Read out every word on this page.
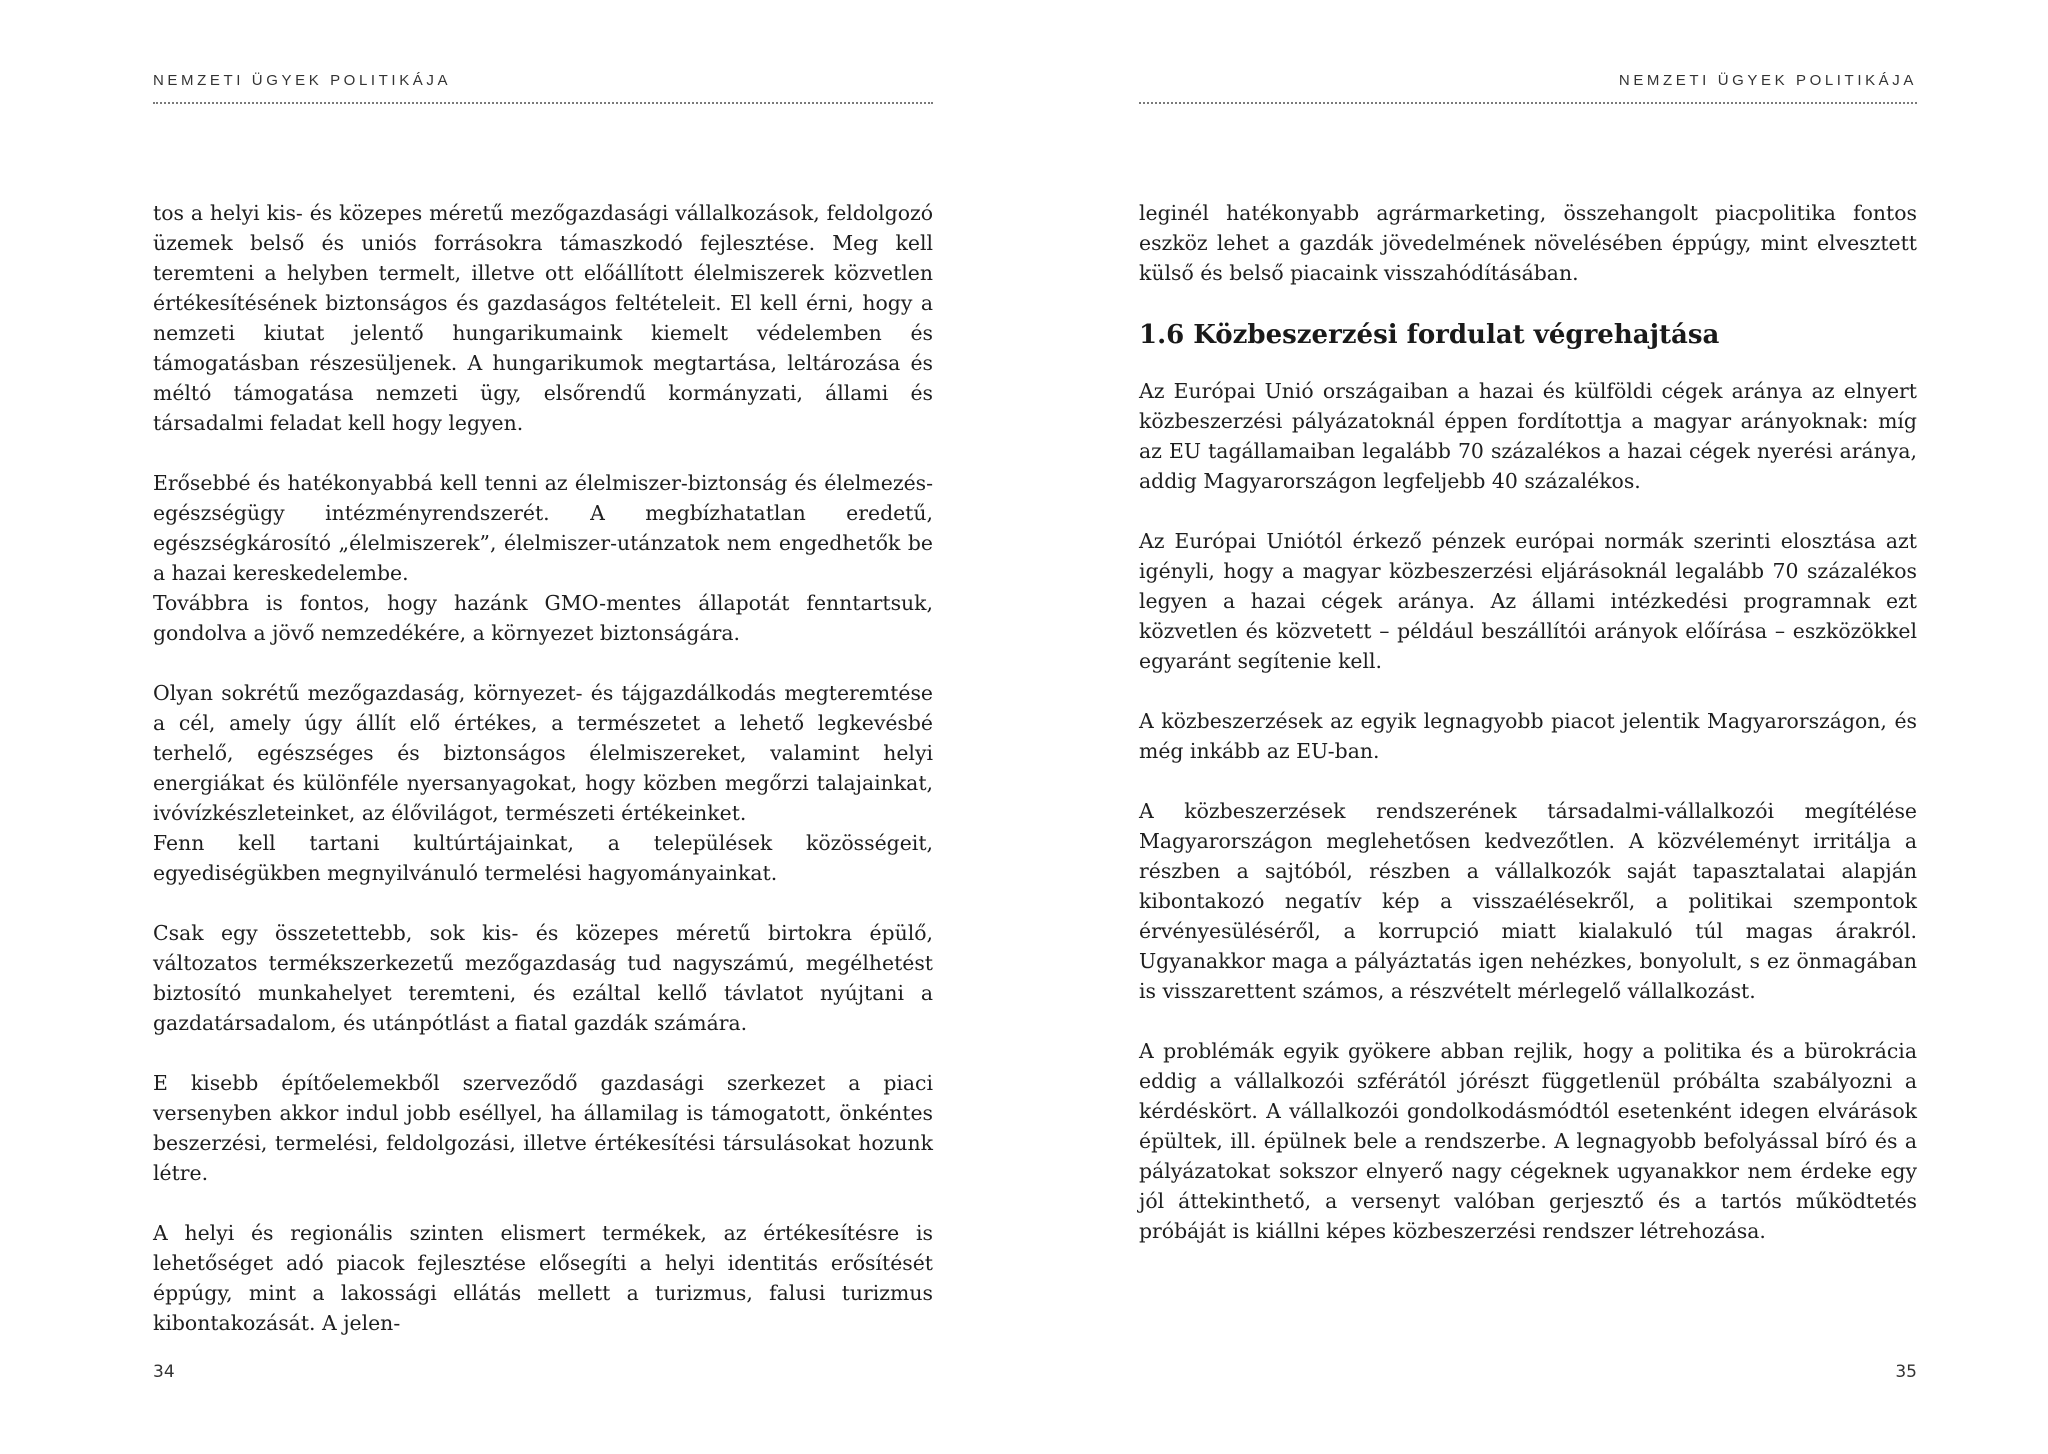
NEMZETI ÜGYEK POLITIKÁJA

tos a helyi kis- és közepes méretű mezőgazdasági vállalkozások, feldolgozó üzemek belső és uniós forrásokra támaszkodó fejlesztése. Meg kell teremteni a helyben termelt, illetve ott előállított élelmiszerek közvetlen értékesítésének biztonságos és gazdaságos feltételeit. El kell érni, hogy a nemzeti kiutat jelentő hungarikumaink kiemelt védelemben és támogatásban részesüljenek. A hungarikumok megtartása, leltározása és méltó támogatása nemzeti ügy, elsőrendű kormányzati, állami és társadalmi feladat kell hogy legyen.

Erősebbé és hatékonyabbá kell tenni az élelmiszer-biztonság és élelmezés-egészségügy intézményrendszerét. A megbízhatatlan eredetű, egészségkárosító „élelmiszerek”, élelmiszer-utánzatok nem engedhetők be a hazai kereskedelembe.

Továbbra is fontos, hogy hazánk GMO-mentes állapotát fenntartsuk, gondolva a jövő nemzedékére, a környezet biztonságára.

Olyan sokrétű mezőgazdaság, környezet- és tájgazdálkodás megteremtése a cél, amely úgy állít elő értékes, a természetet a lehető legkevésbé terhelő, egészséges és biztonságos élelmiszereket, valamint helyi energiákat és különféle nyersanyagokat, hogy közben megőrzi talajainkat, ivóvízkészleteinket, az élővilágot, természeti értékeinket.

Fenn kell tartani kultúrtájainkat, a települések közösségeit, egyediségükben megnyilvánuló termelési hagyományainkat.

Csak egy összetettebb, sok kis- és közepes méretű birtokra épülő, változatos termékszerkezetű mezőgazdaság tud nagyszámú, megélhetést biztosító munkahelyet teremteni, és ezáltal kellő távlatot nyújtani a gazdatársadalom, és utánpótlást a fiatal gazdák számára.

E kisebb építőelemekből szerveződő gazdasági szerkezet a piaci versenyben akkor indul jobb eséllyel, ha államilag is támogatott, önkéntes beszerzési, termelési, feldolgozási, illetve értékesítési társulásokat hozunk létre.

A helyi és regionális szinten elismert termékek, az értékesítésre is lehetőséget adó piacok fejlesztése elősegíti a helyi identitás erősítését éppúgy, mint a lakossági ellátás mellett a turizmus, falusi turizmus kibontakozását. A jelen-

34
NEMZETI ÜGYEK POLITIKÁJA

leginél hatékonyabb agrármarketing, összehangolt piacpolitika fontos eszköz lehet a gazdák jövedelmének növelésében éppúgy, mint elvesztett külső és belső piacaink visszahódításában.

1.6 Közbeszerzési fordulat végrehajtása

Az Európai Unió országaiban a hazai és külföldi cégek aránya az elnyert közbeszerzési pályázatoknál éppen fordítottja a magyar arányoknak: míg az EU tagállamaiban legalább 70 százalékos a hazai cégek nyerési aránya, addig Magyarországon legfeljebb 40 százalékos.

Az Európai Uniótól érkező pénzek európai normák szerinti elosztása azt igényli, hogy a magyar közbeszerzési eljárásoknál legalább 70 százalékos legyen a hazai cégek aránya. Az állami intézkedési programnak ezt közvetlen és közvetett – például beszállítói arányok előírása – eszközökkel egyaránt segítenie kell.

A közbeszerzések az egyik legnagyobb piacot jelentik Magyarországon, és még inkább az EU-ban.

A közbeszerzések rendszerének társadalmi-vállalkozói megítélése Magyarországon meglehetősen kedvezőtlen. A közvéleményt irritálja a részben a sajtóból, részben a vállalkozók saját tapasztalatai alapján kibontakozó negatív kép a visszaélésekről, a politikai szempontok érvényesüléséről, a korrupció miatt kialakuló túl magas árakról. Ugyanakkor maga a pályáztatás igen nehézkes, bonyolult, s ez önmagában is visszarettent számos, a részvételt mérlegelő vállalkozást.

A problémák egyik gyökere abban rejlik, hogy a politika és a bürokrácia eddig a vállalkozói szférától jórészt függetlenül próbálta szabályozni a kérdéskört. A vállalkozói gondolkodásmódtól esetenként idegen elvárások épültek, ill. épülnek bele a rendszerbe. A legnagyobb befolyással bíró és a pályázatokat sokszor elnyerő nagy cégeknek ugyanakkor nem érdeke egy jól áttekinthető, a versenyt valóban gerjesztő és a tartós működtetés próbáját is kiállni képes közbeszerzési rendszer létrehozása.

35
